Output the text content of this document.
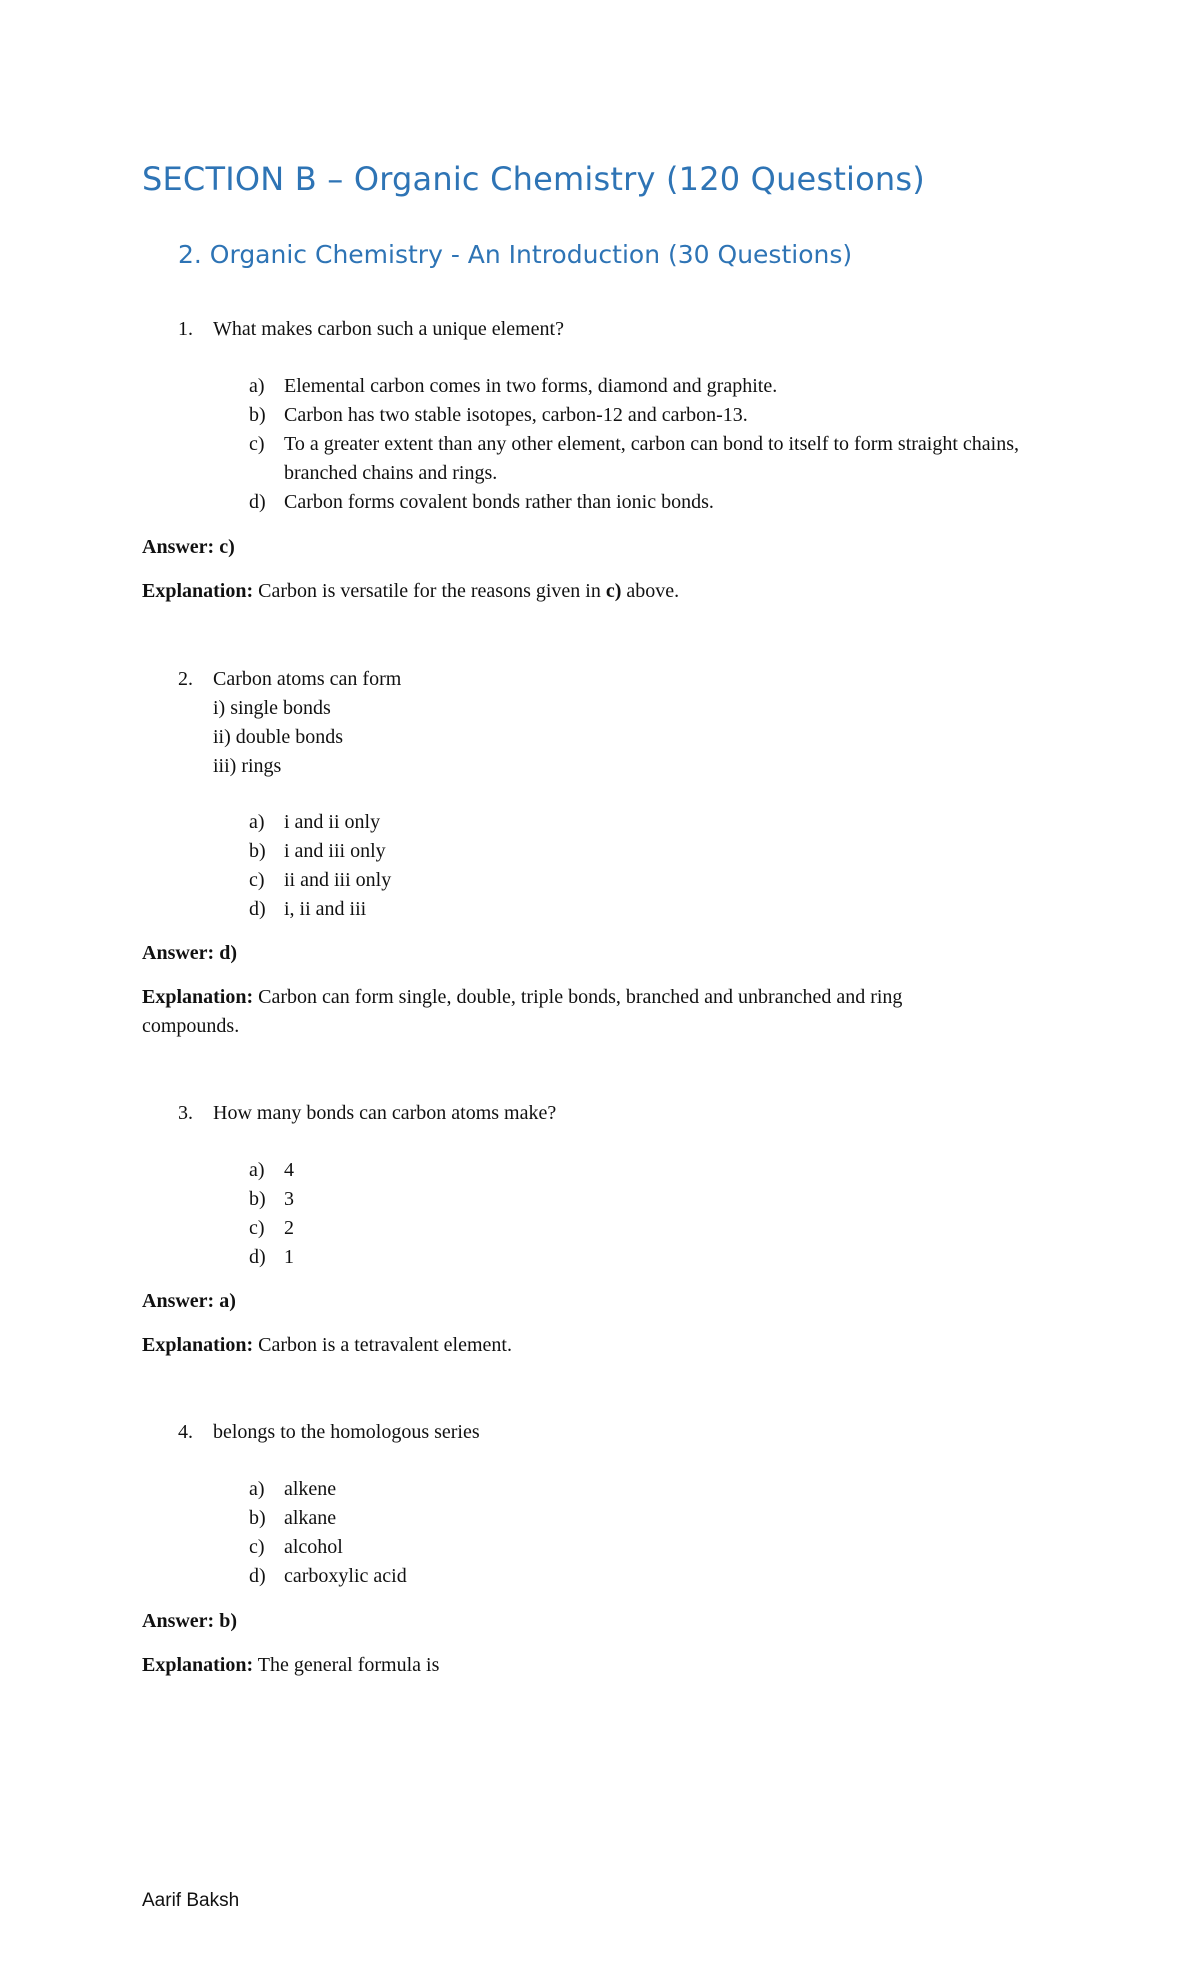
SECTION B – Organic Chemistry (120 Questions)
2. Organic Chemistry - An Introduction (30 Questions)
1.	What makes carbon such a unique element?
a) Elemental carbon comes in two forms, diamond and graphite.
b) Carbon has two stable isotopes, carbon-12 and carbon-13.
c) To a greater extent than any other element, carbon can bond to itself to form straight chains, branched chains and rings.
d) Carbon forms covalent bonds rather than ionic bonds.
Answer: c)
Explanation: Carbon is versatile for the reasons given in c) above.
2.	Carbon atoms can form
i) single bonds
ii) double bonds
iii) rings
a) i and ii only
b) i and iii only
c) ii and iii only
d) i, ii and iii
Answer: d)
Explanation: Carbon can form single, double, triple bonds, branched and unbranched and ring compounds.
3.	How many bonds can carbon atoms make?
a) 4
b) 3
c) 2
d) 1
Answer: a)
Explanation: Carbon is a tetravalent element.
4.	belongs to the homologous series
a) alkene
b) alkane
c) alcohol
d) carboxylic acid
Answer: b)
Explanation: The general formula is
Aarif Baksh
